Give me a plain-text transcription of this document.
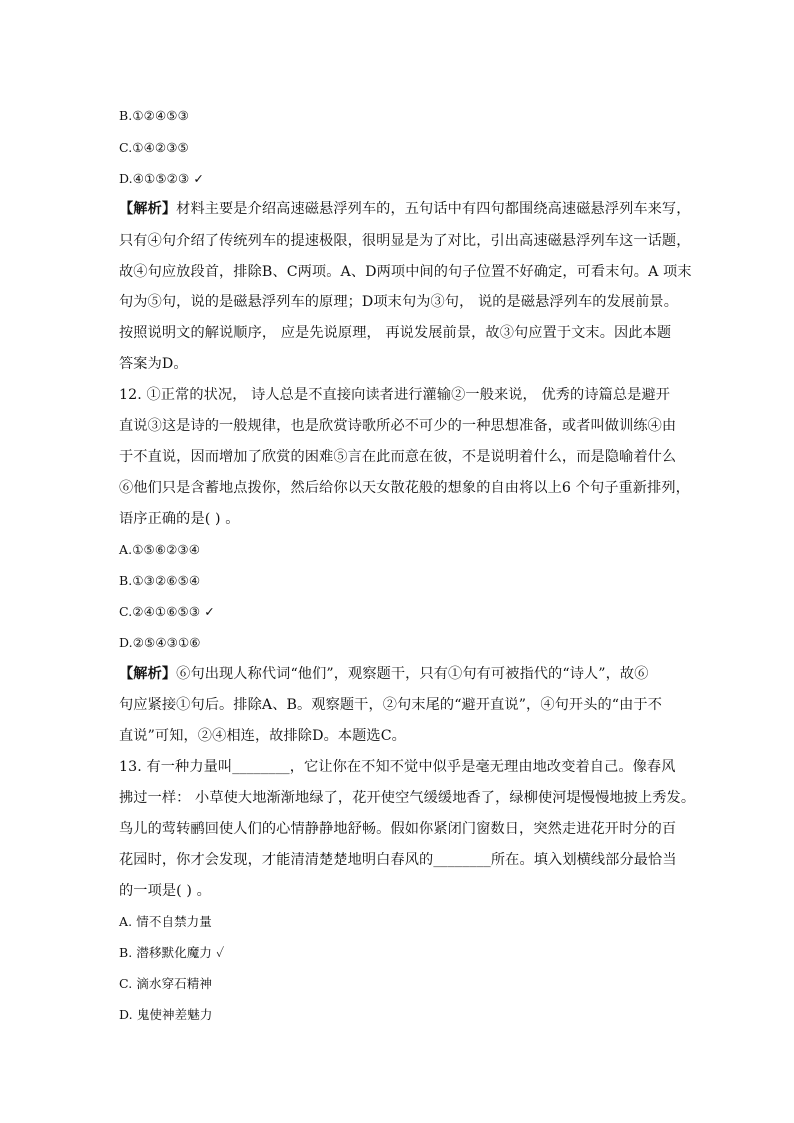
B.①②④⑤③

C.①④②③⑤

D.④①⑤②③ ✓

【解析】材料主要是介绍高速磁悬浮列车的，五句话中有四句都围绕高速磁悬浮列车来写，

只有④句介绍了传统列车的提速极限，很明显是为了对比，引出高速磁悬浮列车这一话题，

故④句应放段首，排除B、C两项。A、D两项中间的句子位置不好确定，可看末句。A 项末

句为⑤句，说的是磁悬浮列车的原理；D项末句为③句， 说的是磁悬浮列车的发展前景。

按照说明文的解说顺序， 应是先说原理， 再说发展前景，故③句应置于文末。因此本题

答案为D。

12. ①正常的状况， 诗人总是不直接向读者进行灌输②一般来说， 优秀的诗篇总是避开

直说③这是诗的一般规律，也是欣赏诗歌所必不可少的一种思想准备，或者叫做训练④由

于不直说，因而增加了欣赏的困难⑤言在此而意在彼，不是说明着什么，而是隐喻着什么

⑥他们只是含蓄地点拨你，然后给你以天女散花般的想象的自由将以上6 个句子重新排列，

语序正确的是( ) 。

A.①⑤⑥②③④

B.①③②⑥⑤④

C.②④①⑥⑤③ ✓

D.②⑤④③①⑥

【解析】⑥句出现人称代词“他们”，观察题干，只有①句有可被指代的“诗人”，故⑥

句应紧接①句后。排除A、B。观察题干，②句末尾的“避开直说”，④句开头的“由于不

直说”可知，②④相连，故排除D。本题选C。

13. 有一种力量叫________，它让你在不知不觉中似乎是毫无理由地改变着自己。像春风

拂过一样： 小草使大地渐渐地绿了，花开使空气缓缓地香了，绿柳使河堤慢慢地披上秀发。

鸟儿的莺转鹂回使人们的心情静静地舒畅。假如你紧闭门窗数日，突然走进花开时分的百

花园时，你才会发现，才能清清楚楚地明白春风的________所在。填入划横线部分最恰当

的一项是( ) 。

A. 情不自禁力量

B. 潜移默化魔力 ✓

C. 滴水穿石精神

D. 鬼使神差魅力
